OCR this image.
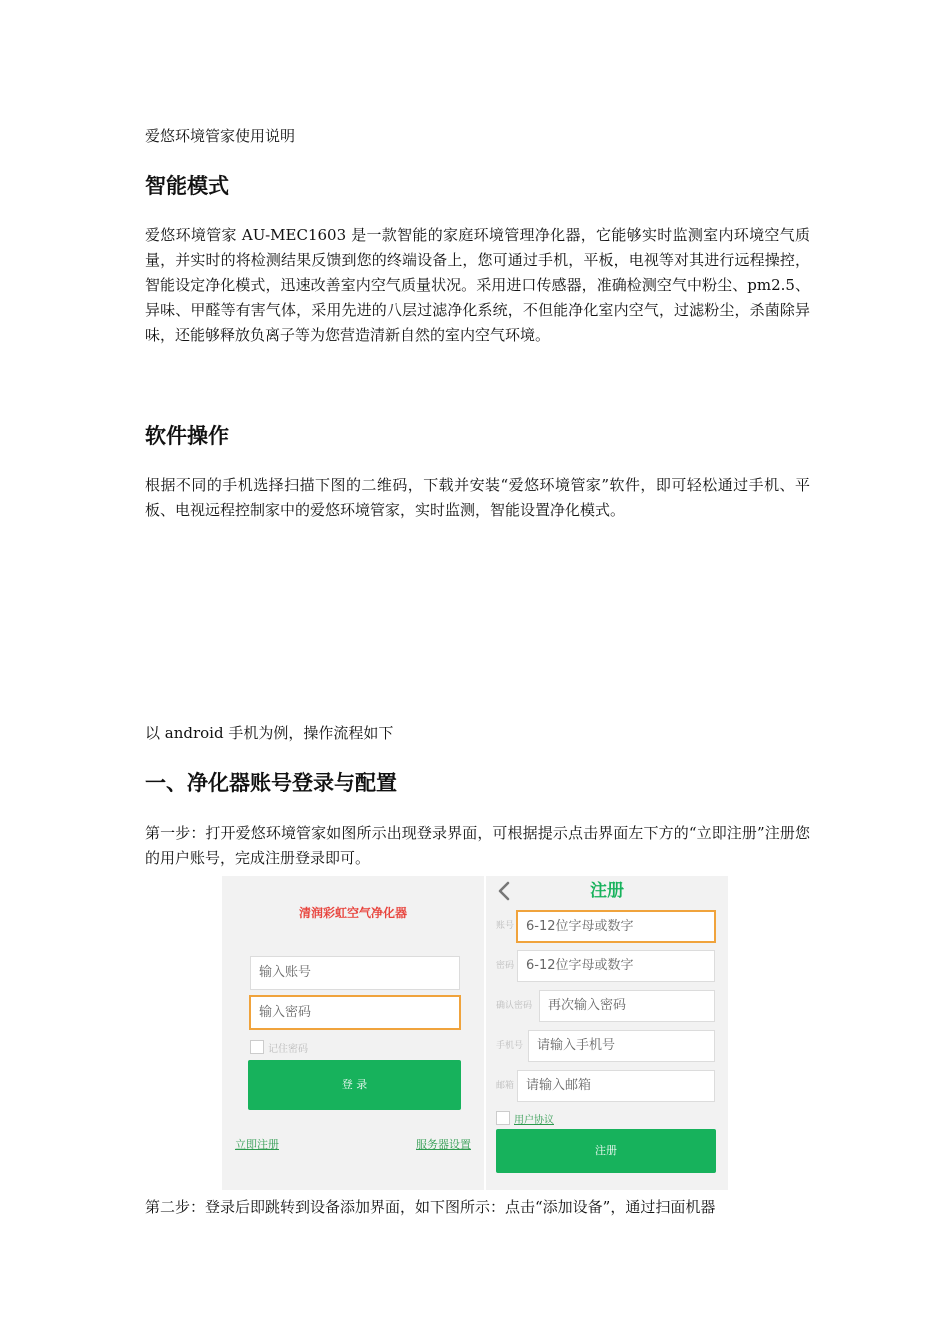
爱悠环境管家使用说明

智能模式

爱悠环境管家 AU-MEC1603 是一款智能的家庭环境管理净化器，它能够实时监测室内环境空气质量，并实时的将检测结果反馈到您的终端设备上，您可通过手机，平板，电视等对其进行远程操控，智能设定净化模式，迅速改善室内空气质量状况。采用进口传感器，准确检测空气中粉尘、pm2.5、异味、甲醛等有害气体，采用先进的八层过滤净化系统，不但能净化室内空气，过滤粉尘，杀菌除异味，还能够释放负离子等为您营造清新自然的室内空气环境。

软件操作

根据不同的手机选择扫描下图的二维码，下载并安装“爱悠环境管家”软件，即可轻松通过手机、平板、电视远程控制家中的爱悠环境管家，实时监测，智能设置净化模式。

以 android 手机为例，操作流程如下

一、净化器账号登录与配置

第一步：打开爱悠环境管家如图所示出现登录界面，可根据提示点击界面左下方的“立即注册”注册您的用户账号，完成注册登录即可。

清润彩虹空气净化器
输入账号
输入密码
记住密码
登 录
立即注册	服务器设置
注册
账号 6-12位字母或数字
密码 6-12位字母或数字
确认密码	再次输入密码
手机号	请输入手机号
邮箱 请输入邮箱
用户协议
注册

第二步：登录后即跳转到设备添加界面，如下图所示：点击“添加设备”，通过扫面机器
